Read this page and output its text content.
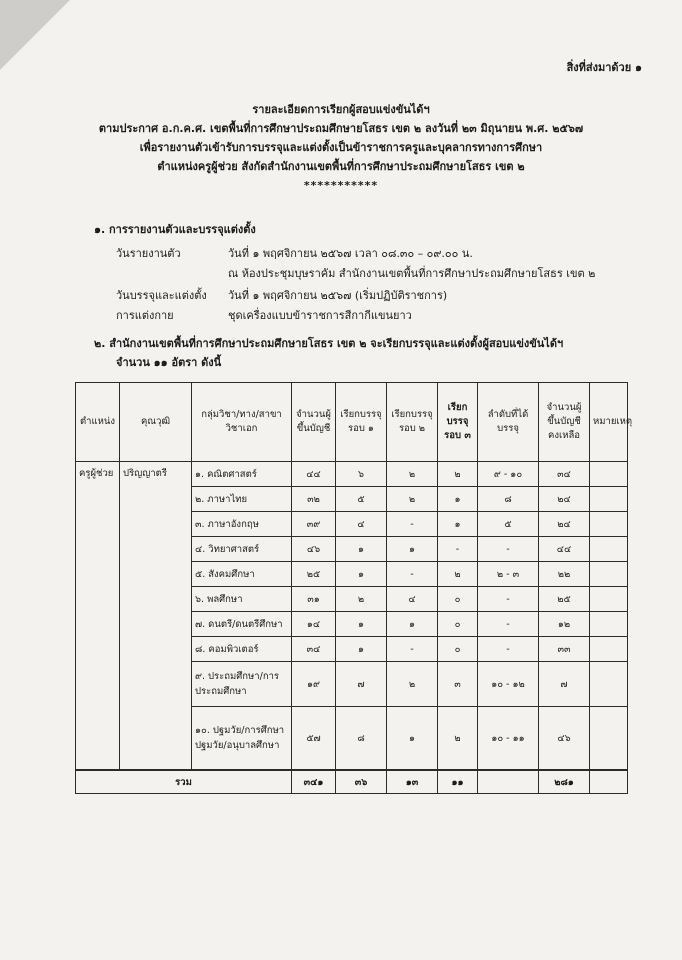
สิ่งที่ส่งมาด้วย ๑
รายละเอียดการเรียกผู้สอบแข่งขันได้ฯ
ตามประกาศ อ.ก.ค.ศ. เขตพื้นที่การศึกษาประถมศึกษายโสธร เขต ๒ ลงวันที่ ๒๓ มิถุนายน พ.ศ. ๒๕๖๗
เพื่อรายงานตัวเข้ารับการบรรจุและแต่งตั้งเป็นข้าราชการครูและบุคลากรทางการศึกษา
ตำแหน่งครูผู้ช่วย สังกัดสำนักงานเขตพื้นที่การศึกษาประถมศึกษายโสธร เขต ๒
***********
๑. การรายงานตัวและบรรจุแต่งตั้ง
วันรายงานตัว	วันที่ ๑ พฤศจิกายน ๒๕๖๗ เวลา ๐๘.๓๐ – ๐๙.๐๐ น.
ณ ห้องประชุมบุษราคัม สำนักงานเขตพื้นที่การศึกษาประถมศึกษายโสธร เขต ๒
วันบรรจุและแต่งตั้ง วันที่ ๑ พฤศจิกายน ๒๕๖๗ (เริ่มปฏิบัติราชการ)
การแต่งกาย	ชุดเครื่องแบบข้าราชการสีกากีแขนยาว
๒. สำนักงานเขตพื้นที่การศึกษาประถมศึกษายโสธร เขต ๒ จะเรียกบรรจุและแต่งตั้งผู้สอบแข่งขันได้ฯ
จำนวน ๑๑ อัตรา ดังนี้
ตำแหน่ง	คุณวุฒิ	กลุ่มวิชา/ทาง/สาขาวิชาเอก	จำนวนผู้ขึ้นบัญชี	เรียกบรรจุรอบ ๑	เรียกบรรจุรอบ ๒	เรียกบรรจุรอบ ๓	ลำดับที่ได้บรรจุ	จำนวนผู้ขึ้นบัญชีคงเหลือ	หมายเหตุ
ครูผู้ช่วย	ปริญญาตรี	๑. คณิตศาสตร์	๔๔	๖	๒	๒	๙ - ๑๐	๓๔	
		๒. ภาษาไทย	๓๒	๕	๒	๑	๘	๒๔	
		๓. ภาษาอังกฤษ	๓๙	๔	-	๑	๕	๒๔	
		๔. วิทยาศาสตร์	๔๖	๑	๑	-	-	๔๔	
		๕. สังคมศึกษา	๒๕	๑	-	๒	๒ - ๓	๒๒	
		๖. พลศึกษา	๓๑	๒	๔	๐	-	๒๕	
		๗. ดนตรี/ดนตรีศึกษา	๑๔	๑	๑	๐	-	๑๒	
		๘. คอมพิวเตอร์	๓๔	๑	-	๐	-	๓๓	
		๙. ประถมศึกษา/การประถมศึกษา	๑๙	๗	๒	๓	๑๐ - ๑๒	๗	
		๑๐. ปฐมวัย/การศึกษาปฐมวัย/อนุบาลศึกษา	๕๗	๘	๑	๒	๑๐ - ๑๑	๔๖	
รวม			๓๔๑	๓๖	๑๓	๑๑		๒๘๑	
